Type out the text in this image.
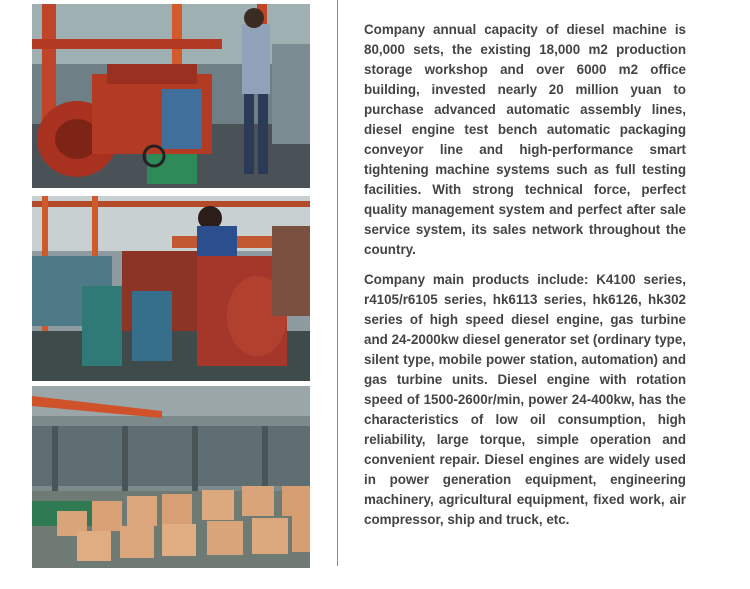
Company annual capacity of diesel machine is 80,000 sets, the existing 18,000 m2 production storage workshop and over 6000 m2 office building, invested nearly 20 million yuan to purchase advanced automatic assembly lines, diesel engine test bench automatic packaging conveyor line and high-performance smart tightening machine systems such as full testing facilities. With strong technical force, perfect quality management system and perfect after sale service system, its sales network throughout the country.

Company main products include: K4100 series, r4105/r6105 series, hk6113 series, hk6126, hk302 series of high speed diesel engine, gas turbine and 24-2000kw diesel generator set (ordinary type, silent type, mobile power station, automation) and gas turbine units. Diesel engine with rotation speed of 1500-2600r/min, power 24-400kw, has the characteristics of low oil consumption, high reliability, large torque, simple operation and convenient repair. Diesel engines are widely used in power generation equipment, engineering machinery, agricultural equipment, fixed work, air compressor, ship and truck, etc.
